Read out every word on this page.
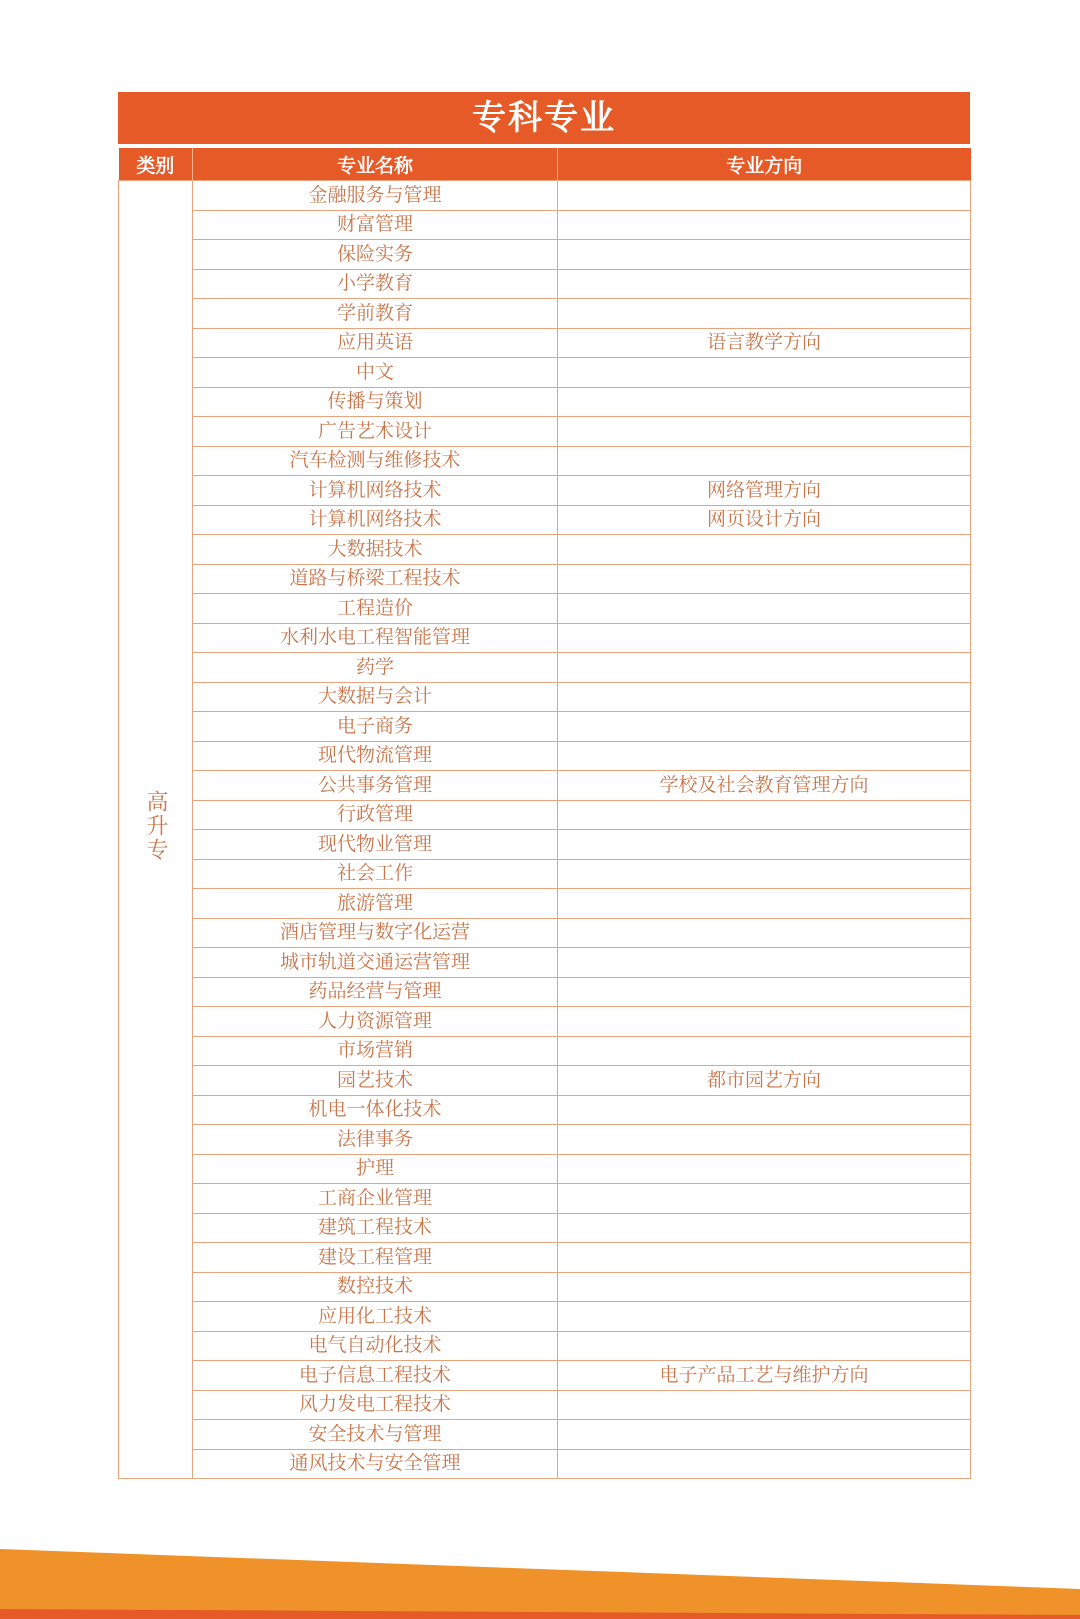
专科专业
类别	专业名称	专业方向
高升专	金融服务与管理	
	财富管理	
	保险实务	
	小学教育	
	学前教育	
	应用英语	语言教学方向
	中文	
	传播与策划	
	广告艺术设计	
	汽车检测与维修技术	
	计算机网络技术	网络管理方向
	计算机网络技术	网页设计方向
	大数据技术	
	道路与桥梁工程技术	
	工程造价	
	水利水电工程智能管理	
	药学	
	大数据与会计	
	电子商务	
	现代物流管理	
	公共事务管理	学校及社会教育管理方向
	行政管理	
	现代物业管理	
	社会工作	
	旅游管理	
	酒店管理与数字化运营	
	城市轨道交通运营管理	
	药品经营与管理	
	人力资源管理	
	市场营销	
	园艺技术	都市园艺方向
	机电一体化技术	
	法律事务	
	护理	
	工商企业管理	
	建筑工程技术	
	建设工程管理	
	数控技术	
	应用化工技术	
	电气自动化技术	
	电子信息工程技术	电子产品工艺与维护方向
	风力发电工程技术	
	安全技术与管理	
	通风技术与安全管理	
